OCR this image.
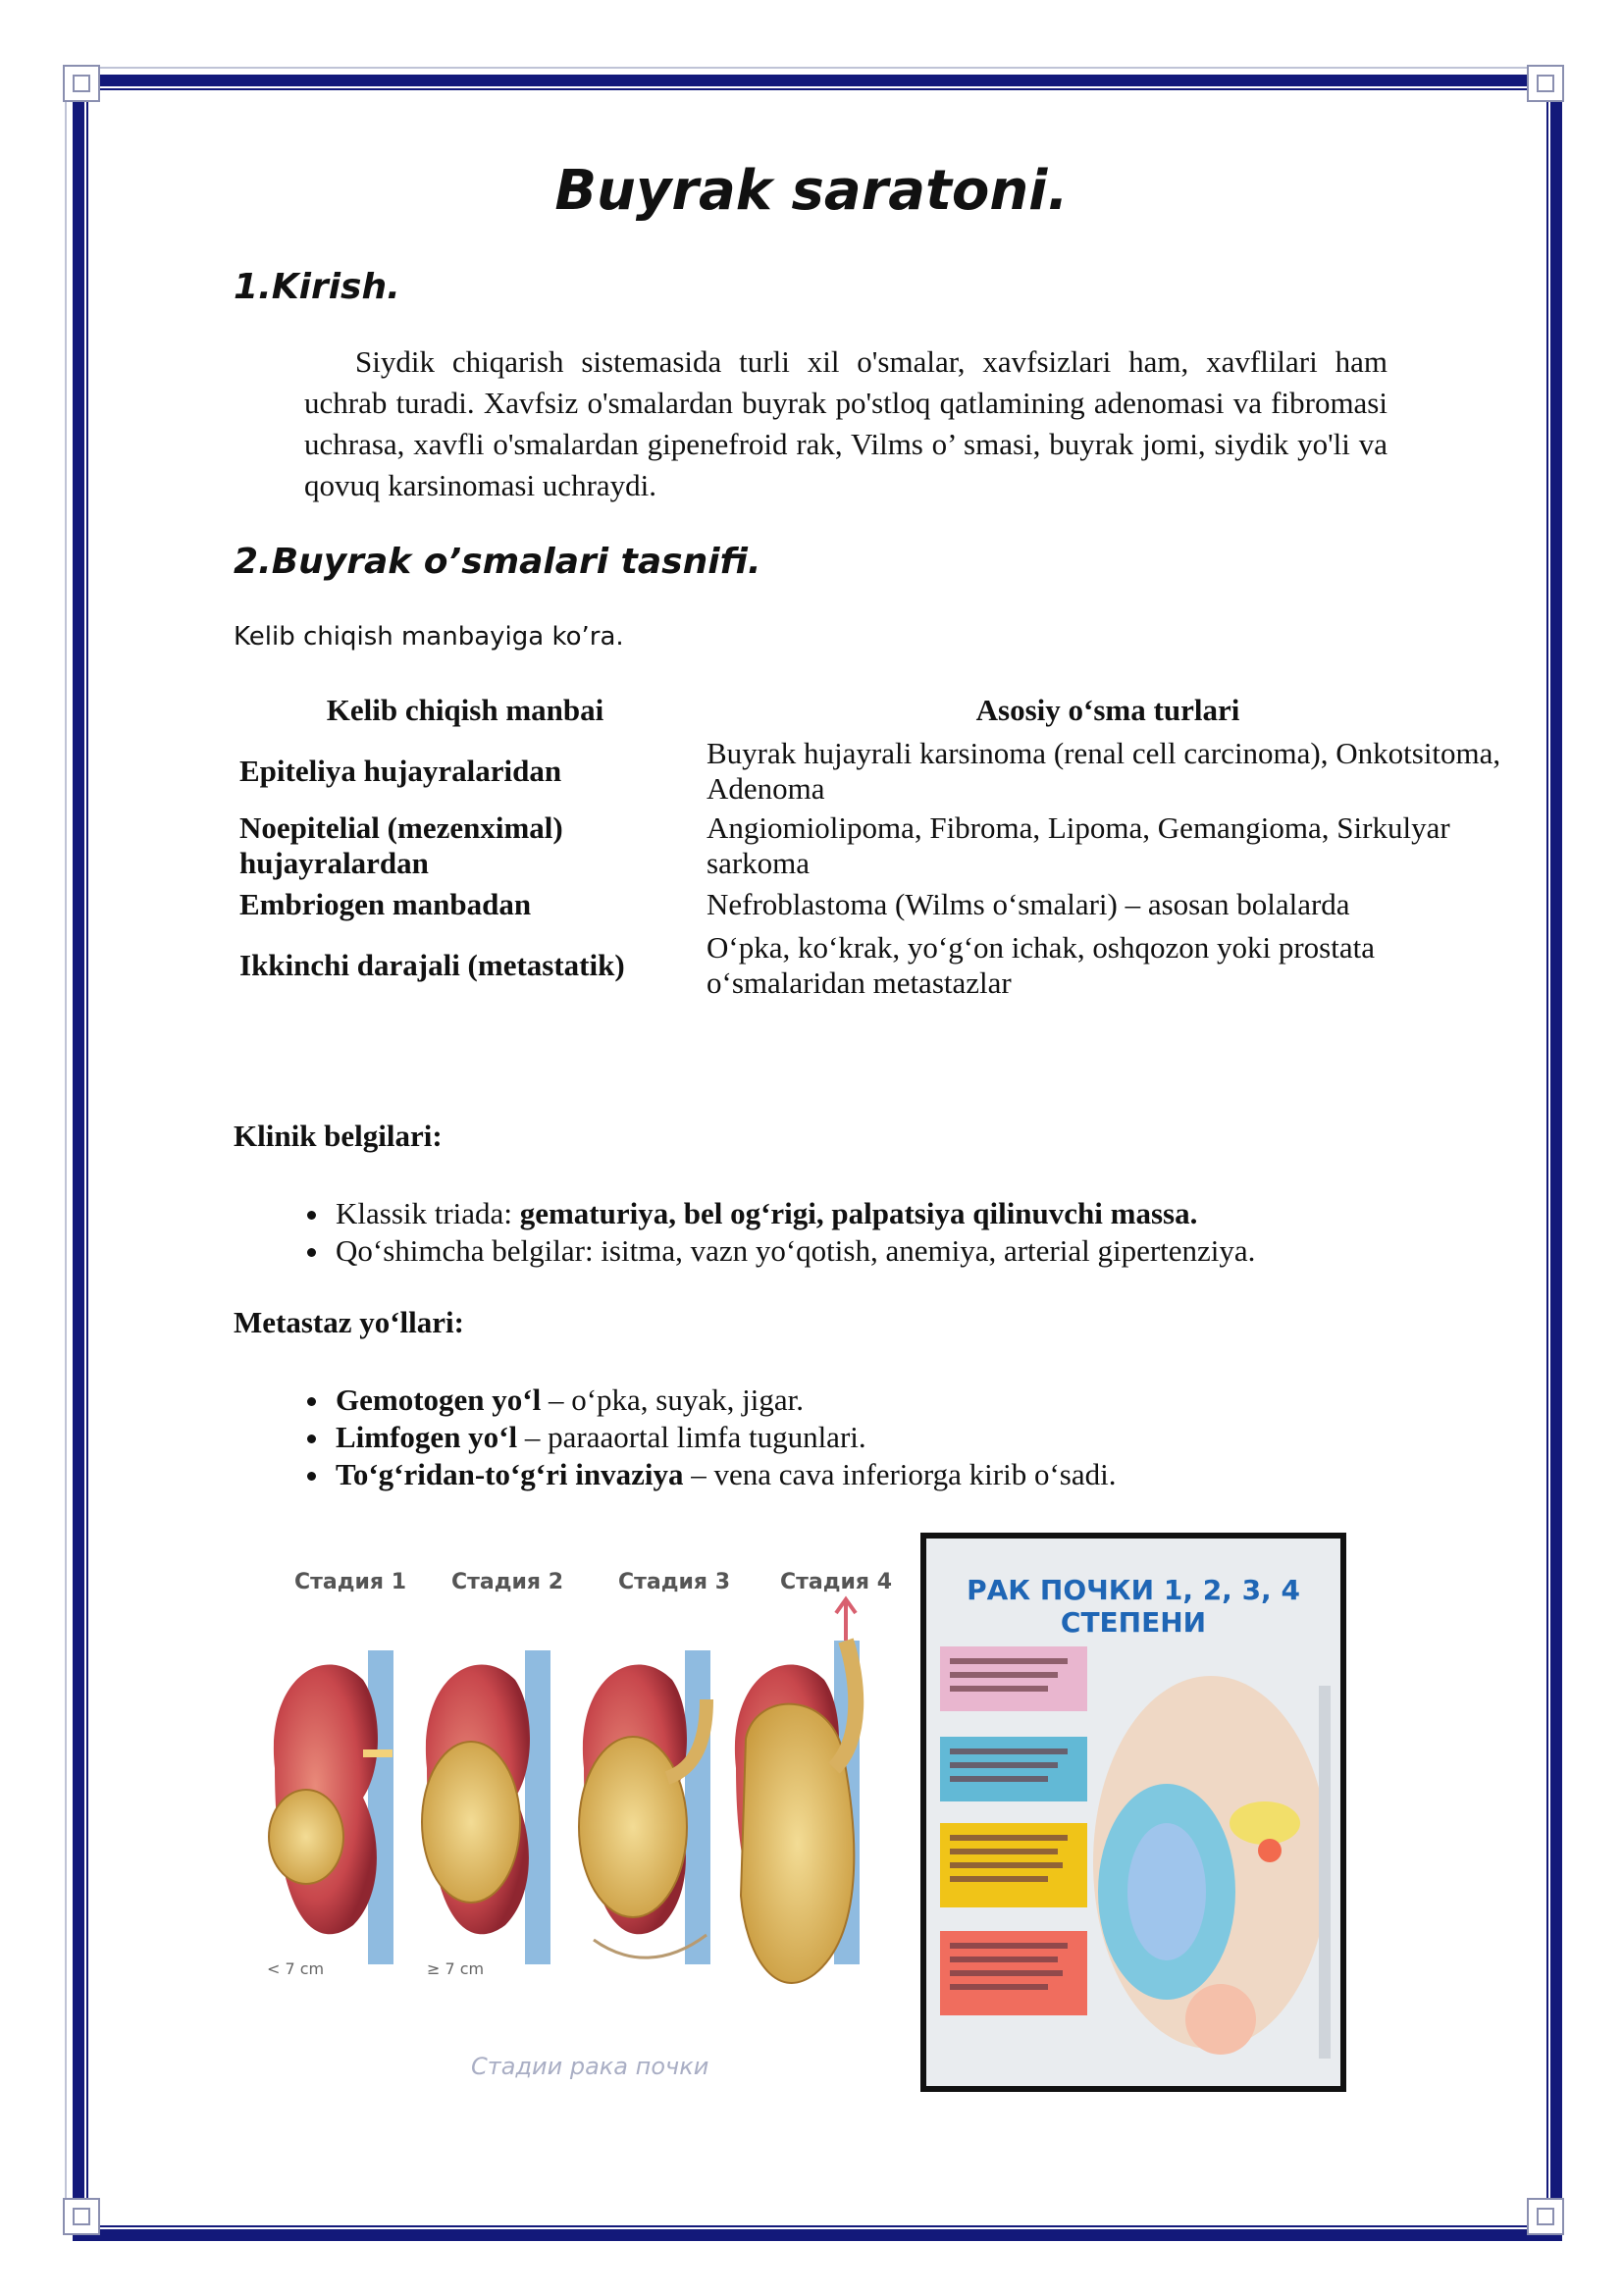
Buyrak saratoni.
1.Kirish.
Siydik chiqarish sistemasida turli xil o'smalar, xavfsizlari ham, xavflilari ham uchrab turadi. Xavfsiz o'smalardan buyrak po'stloq qatlamining adenomasi va fibromasi uchrasa, xavfli o'smalardan gipenefroid rak, Vilms o’ smasi, buyrak jomi, siydik yo'li va qovuq karsinomasi uchraydi.
2.Buyrak o’smalari tasnifi.
Kelib chiqish manbayiga ko’ra.
Kelib chiqish manbai	Asosiy o‘sma turlari
Epiteliya hujayralaridan	Buyrak hujayrali karsinoma (renal cell carcinoma), Onkotsitoma, Adenoma
Noepitelial (mezenximal) hujayralardan	Angiomiolipoma, Fibroma, Lipoma, Gemangioma, Sirkulyar sarkoma
Embriogen manbadan	Nefroblastoma (Wilms o‘smalari) – asosan bolalarda
Ikkinchi darajali (metastatik)	O‘pka, ko‘krak, yo‘g‘on ichak, oshqozon yoki prostata o‘smalaridan metastazlar
Klinik belgilari:
• Klassik triada: gematuriya, bel og‘rigi, palpatsiya qilinuvchi massa.
• Qo‘shimcha belgilar: isitma, vazn yo‘qotish, anemiya, arterial gipertenziya.
Metastaz yo‘llari:
• Gemotogen yo‘l – o‘pka, suyak, jigar.
• Limfogen yo‘l – paraaortal limfa tugunlari.
• To‘g‘ridan-to‘g‘ri invaziya – vena cava inferiorga kirib o‘sadi.
Стадия 1 Стадия 2	Стадия 3 Стадия 4
< 7 cm	≥ 7 cm
Стадии рака почки
РАК ПОЧКИ 1, 2, 3, 4 СТЕПЕНИ
